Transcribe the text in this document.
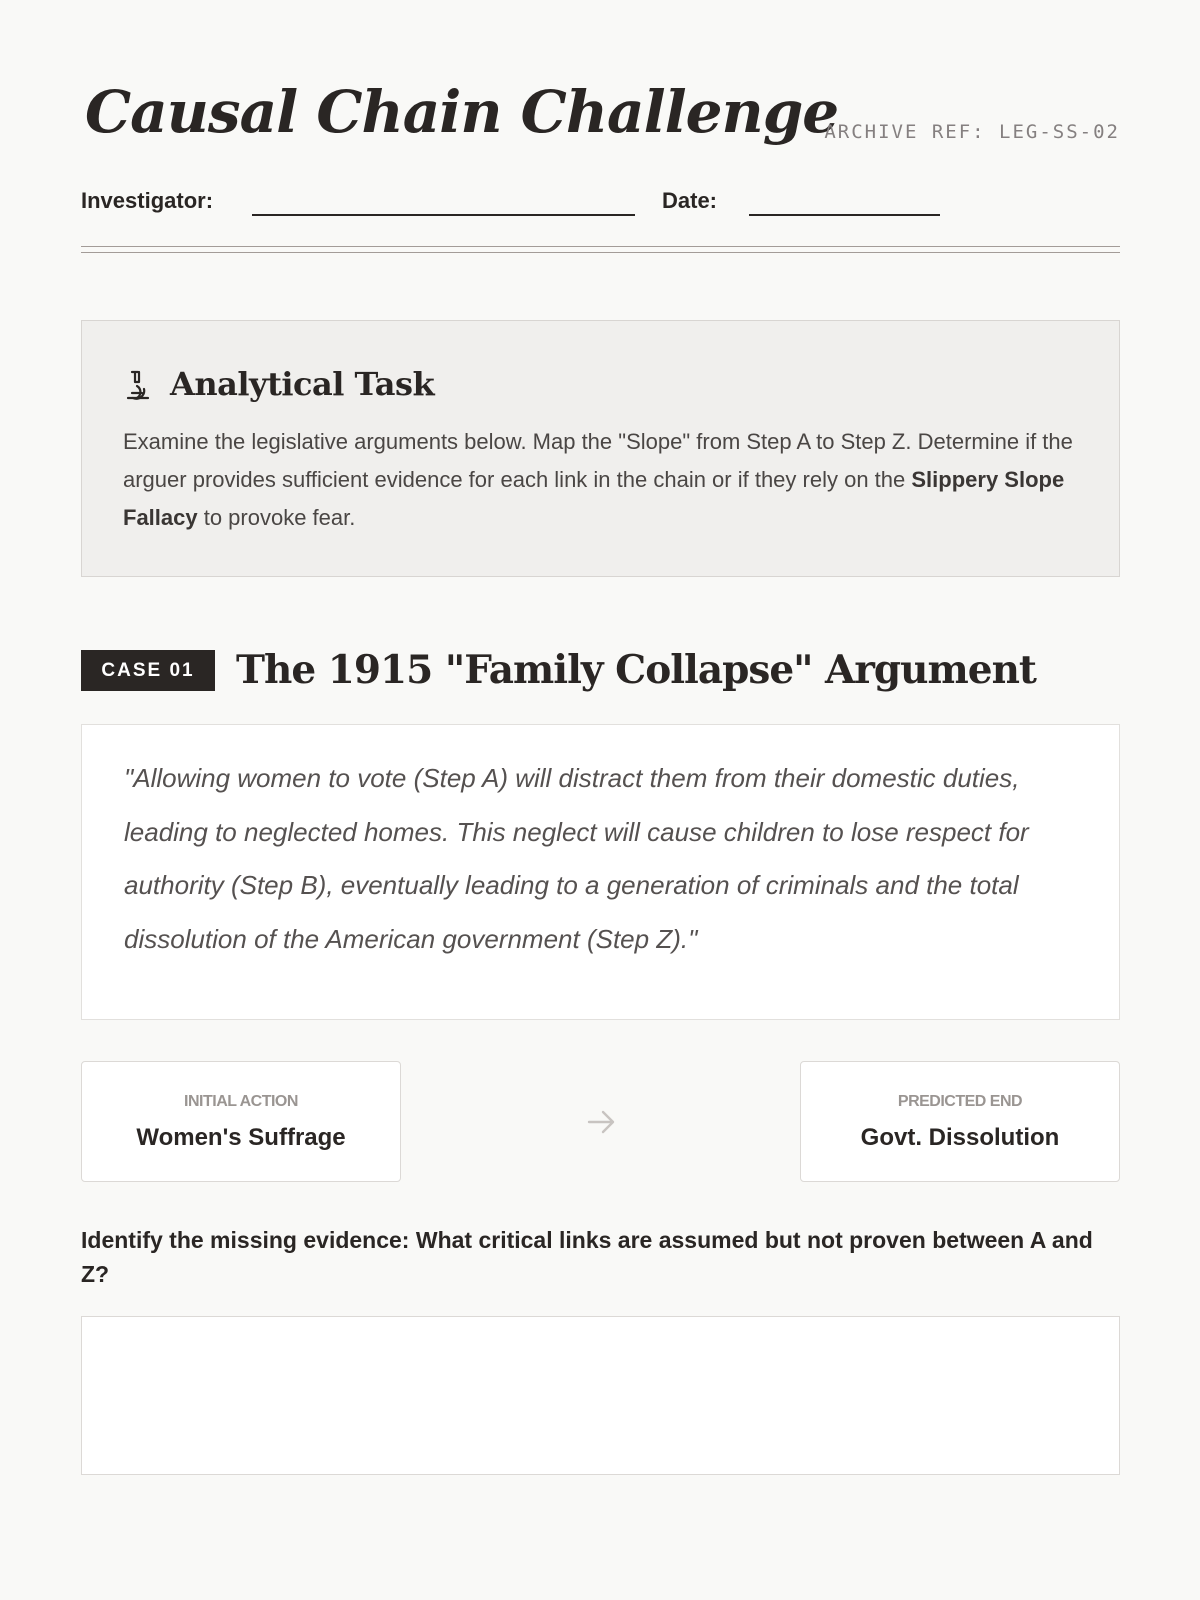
Causal Chain Challenge
ARCHIVE REF: LEG-SS-02
Investigator:	Date:
Analytical Task

Examine the legislative arguments below. Map the "Slope" from Step A to Step Z. Determine if the arguer provides sufficient evidence for each link in the chain or if they rely on the Slippery Slope Fallacy to provoke fear.

CASE 01	The 1915 "Family Collapse" Argument

"Allowing women to vote (Step A) will distract them from their domestic duties, leading to neglected homes. This neglect will cause children to lose respect for authority (Step B), eventually leading to a generation of criminals and the total dissolution of the American government (Step Z)."

INITIAL ACTION
Women's Suffrage
PREDICTED END
Govt. Dissolution

Identify the missing evidence: What critical links are assumed but not proven between A and Z?
